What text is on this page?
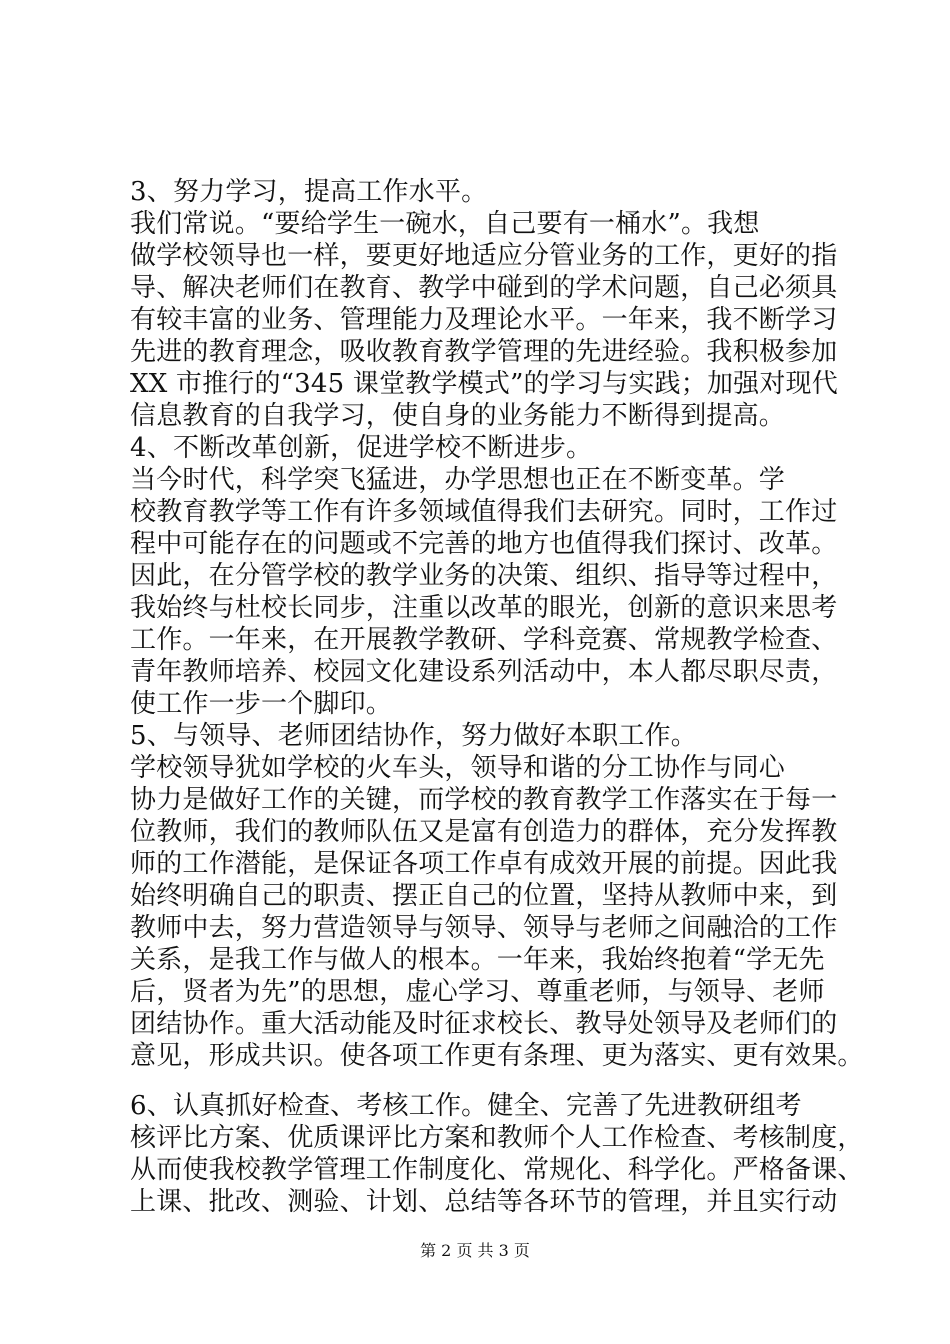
3、努力学习，提高工作水平。
我们常说。“要给学生一碗水，自己要有一桶水”。我想
做学校领导也一样，要更好地适应分管业务的工作，更好的指
导、解决老师们在教育、教学中碰到的学术问题，自己必须具
有较丰富的业务、管理能力及理论水平。一年来，我不断学习
先进的教育理念，吸收教育教学管理的先进经验。我积极参加
XX 市推行的“345 课堂教学模式”的学习与实践；加强对现代
信息教育的自我学习，使自身的业务能力不断得到提高。
4、不断改革创新，促进学校不断进步。
当今时代，科学突飞猛进，办学思想也正在不断变革。学
校教育教学等工作有许多领域值得我们去研究。同时，工作过
程中可能存在的问题或不完善的地方也值得我们探讨、改革。
因此，在分管学校的教学业务的决策、组织、指导等过程中，
我始终与杜校长同步，注重以改革的眼光，创新的意识来思考
工作。一年来，在开展教学教研、学科竞赛、常规教学检查、
青年教师培养、校园文化建设系列活动中，本人都尽职尽责，
使工作一步一个脚印。
5、与领导、老师团结协作，努力做好本职工作。
学校领导犹如学校的火车头，领导和谐的分工协作与同心
协力是做好工作的关键，而学校的教育教学工作落实在于每一
位教师，我们的教师队伍又是富有创造力的群体，充分发挥教
师的工作潜能，是保证各项工作卓有成效开展的前提。因此我
始终明确自己的职责、摆正自己的位置，坚持从教师中来，到
教师中去，努力营造领导与领导、领导与老师之间融洽的工作
关系，是我工作与做人的根本。一年来，我始终抱着“学无先
后，贤者为先”的思想，虚心学习、尊重老师，与领导、老师
团结协作。重大活动能及时征求校长、教导处领导及老师们的
意见，形成共识。使各项工作更有条理、更为落实、更有效果。
6、认真抓好检查、考核工作。健全、完善了先进教研组考
核评比方案、优质课评比方案和教师个人工作检查、考核制度，
从而使我校教学管理工作制度化、常规化、科学化。严格备课、
上课、批改、测验、计划、总结等各环节的管理，并且实行动
第 2 页 共 3 页
